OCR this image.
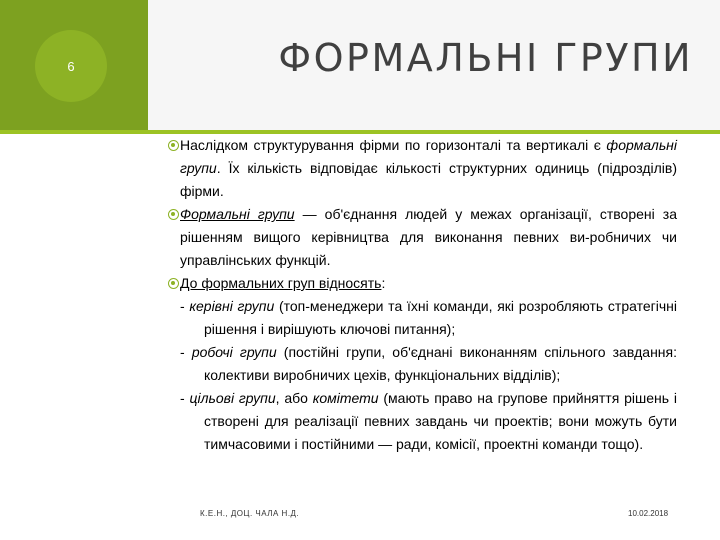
6	ФОРМАЛЬНІ ГРУПИ
Наслідком структурування фірми по горизонталі та вертикалі є формальні групи. Їх кількість відповідає кількості структурних одиниць (підрозділів) фірми.
Формальні групи — об'єднання людей у межах організації, створені за рішенням вищого керівництва для виконання певних ви-робничих чи управлінських функцій.
До формальних груп відносять:
- керівні групи (топ-менеджери та їхні команди, які розробляють стратегічні рішення і вирішують ключові питання);
- робочі групи (постійні групи, об'єднані виконанням спільного завдання: колективи виробничих цехів, функціональних відділів);
- цільові групи, або комітети (мають право на групове прийняття рішень і створені для реалізації певних завдань чи проектів; вони можуть бути тимчасовими і постійними — ради, комісії, проектні команди тощо).
К.Е.Н., ДОЦ. ЧАЛА Н.Д.	10.02.2018
